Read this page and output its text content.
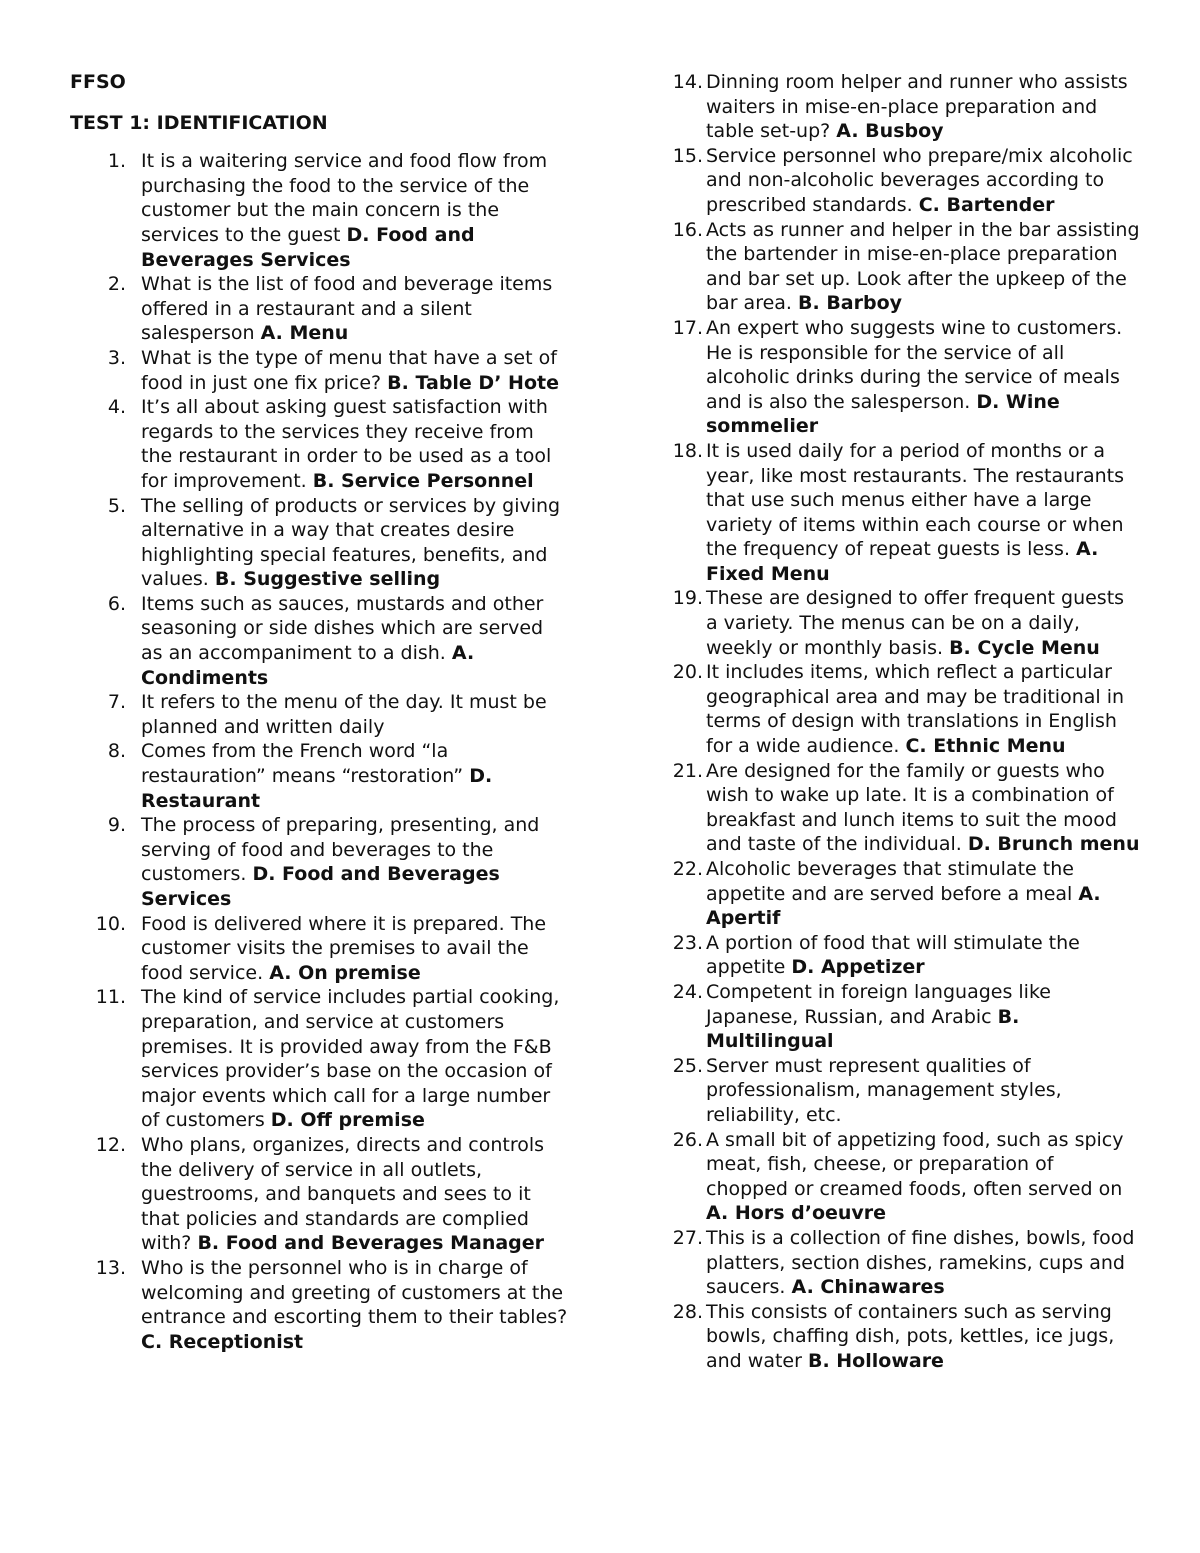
FFSO

TEST 1: IDENTIFICATION

1. It is a waitering service and food flow from purchasing the food to the service of the customer but the main concern is the services to the guest D. Food and Beverages Services
2. What is the list of food and beverage items offered in a restaurant and a silent salesperson A. Menu
3. What is the type of menu that have a set of food in just one fix price? B. Table D’ Hote
4. It’s all about asking guest satisfaction with regards to the services they receive from the restaurant in order to be used as a tool for improvement. B. Service Personnel
5. The selling of products or services by giving alternative in a way that creates desire highlighting special features, benefits, and values. B. Suggestive selling
6. Items such as sauces, mustards and other seasoning or side dishes which are served as an accompaniment to a dish. A. Condiments
7. It refers to the menu of the day. It must be planned and written daily
8. Comes from the French word “la restauration” means “restoration” D. Restaurant
9. The process of preparing, presenting, and serving of food and beverages to the customers. D. Food and Beverages Services
10. Food is delivered where it is prepared. The customer visits the premises to avail the food service. A. On premise
11. The kind of service includes partial cooking, preparation, and service at customers premises. It is provided away from the F&B services provider’s base on the occasion of major events which call for a large number of customers D. Off premise
12. Who plans, organizes, directs and controls the delivery of service in all outlets, guestrooms, and banquets and sees to it that policies and standards are complied with? B. Food and Beverages Manager
13. Who is the personnel who is in charge of welcoming and greeting of customers at the entrance and escorting them to their tables? C. Receptionist
14. Dinning room helper and runner who assists waiters in mise-en-place preparation and table set-up? A. Busboy
15. Service personnel who prepare/mix alcoholic and non-alcoholic beverages according to prescribed standards. C. Bartender
16. Acts as runner and helper in the bar assisting the bartender in mise-en-place preparation and bar set up. Look after the upkeep of the bar area. B. Barboy
17. An expert who suggests wine to customers. He is responsible for the service of all alcoholic drinks during the service of meals and is also the salesperson. D. Wine sommelier
18. It is used daily for a period of months or a year, like most restaurants. The restaurants that use such menus either have a large variety of items within each course or when the frequency of repeat guests is less. A. Fixed Menu
19. These are designed to offer frequent guests a variety. The menus can be on a daily, weekly or monthly basis. B. Cycle Menu
20. It includes items, which reflect a particular geographical area and may be traditional in terms of design with translations in English for a wide audience. C. Ethnic Menu
21. Are designed for the family or guests who wish to wake up late. It is a combination of breakfast and lunch items to suit the mood and taste of the individual. D. Brunch menu
22. Alcoholic beverages that stimulate the appetite and are served before a meal A. Apertif
23. A portion of food that will stimulate the appetite D. Appetizer
24. Competent in foreign languages like Japanese, Russian, and Arabic B. Multilingual
25. Server must represent qualities of professionalism, management styles, reliability, etc.
26. A small bit of appetizing food, such as spicy meat, fish, cheese, or preparation of chopped or creamed foods, often served on A. Hors d’oeuvre
27. This is a collection of fine dishes, bowls, food platters, section dishes, ramekins, cups and saucers. A. Chinawares
28. This consists of containers such as serving bowls, chaffing dish, pots, kettles, ice jugs, and water B. Holloware
